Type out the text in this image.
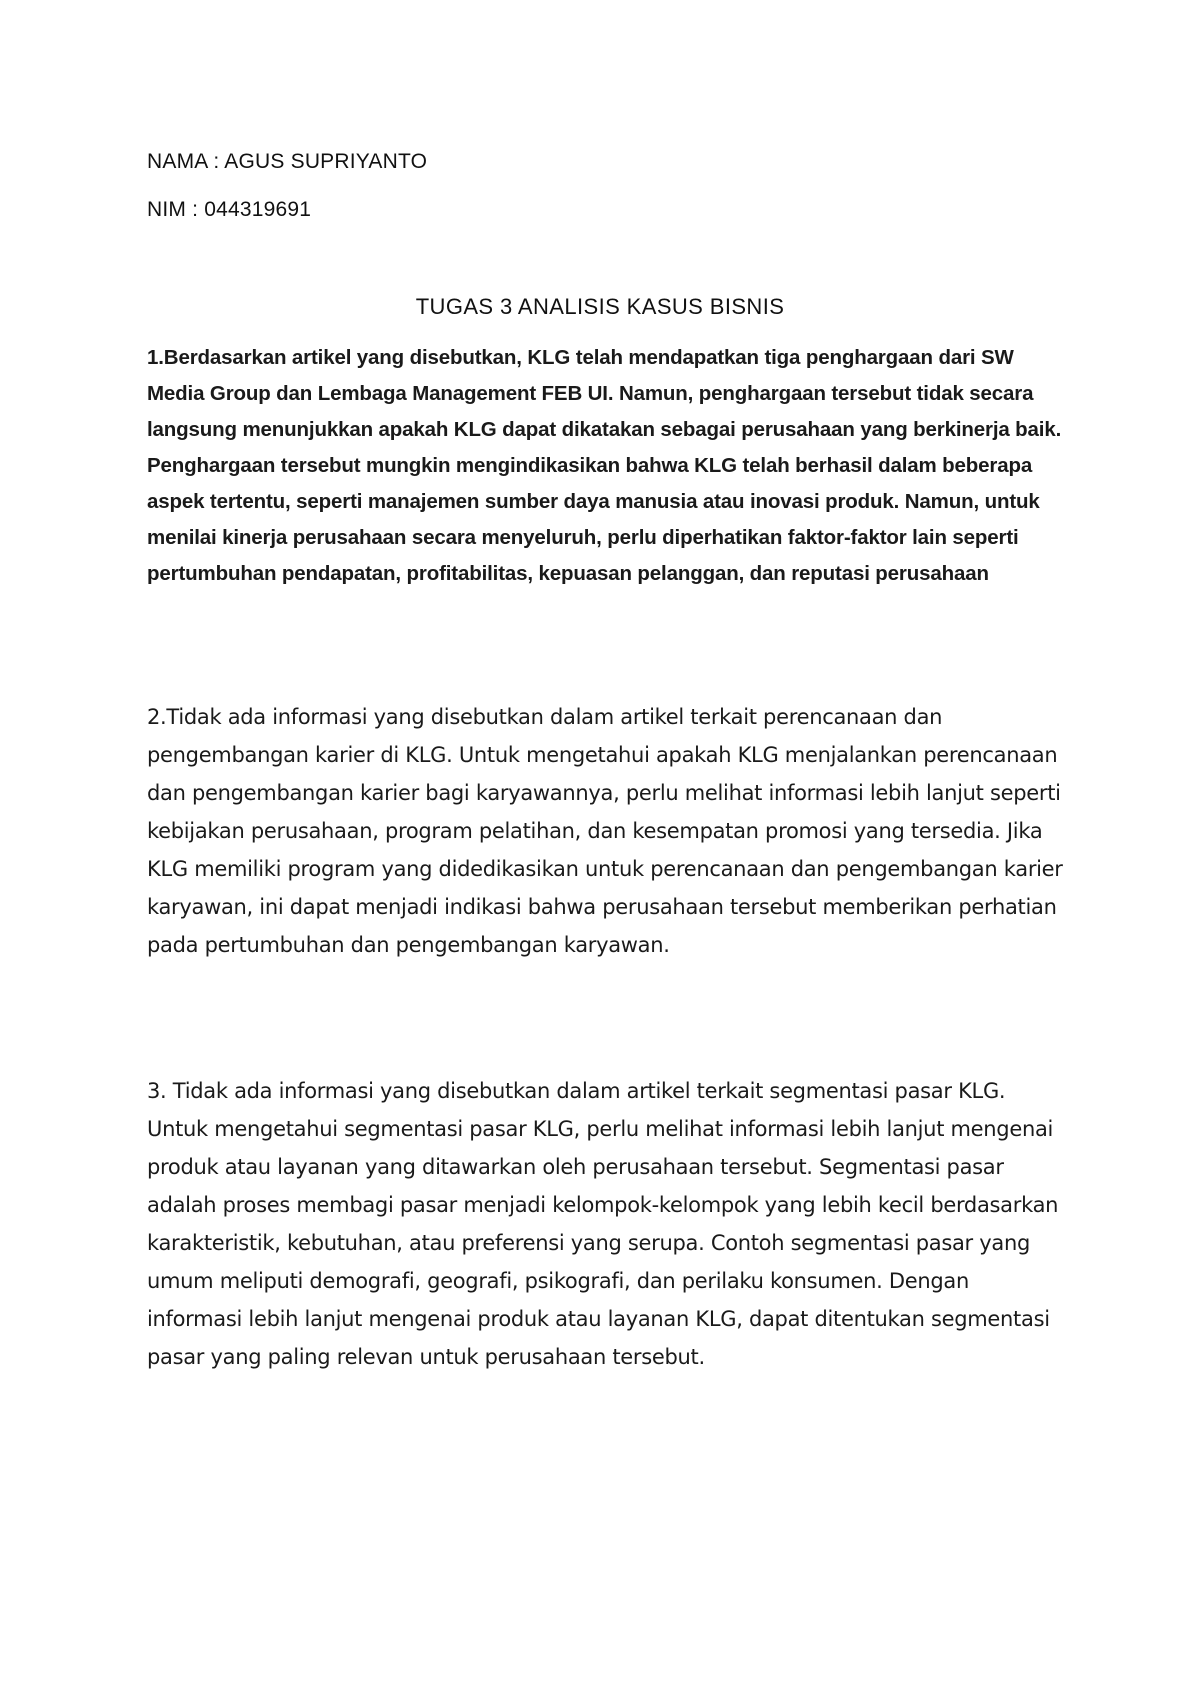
NAMA : AGUS SUPRIYANTO
NIM : 044319691
TUGAS 3 ANALISIS KASUS BISNIS

1.Berdasarkan artikel yang disebutkan, KLG telah mendapatkan tiga penghargaan dari SW Media Group dan Lembaga Management FEB UI. Namun, penghargaan tersebut tidak secara langsung menunjukkan apakah KLG dapat dikatakan sebagai perusahaan yang berkinerja baik. Penghargaan tersebut mungkin mengindikasikan bahwa KLG telah berhasil dalam beberapa aspek tertentu, seperti manajemen sumber daya manusia atau inovasi produk. Namun, untuk menilai kinerja perusahaan secara menyeluruh, perlu diperhatikan faktor-faktor lain seperti pertumbuhan pendapatan, profitabilitas, kepuasan pelanggan, dan reputasi perusahaan

2.Tidak ada informasi yang disebutkan dalam artikel terkait perencanaan dan pengembangan karier di KLG. Untuk mengetahui apakah KLG menjalankan perencanaan dan pengembangan karier bagi karyawannya, perlu melihat informasi lebih lanjut seperti kebijakan perusahaan, program pelatihan, dan kesempatan promosi yang tersedia. Jika KLG memiliki program yang didedikasikan untuk perencanaan dan pengembangan karier karyawan, ini dapat menjadi indikasi bahwa perusahaan tersebut memberikan perhatian pada pertumbuhan dan pengembangan karyawan.

3. Tidak ada informasi yang disebutkan dalam artikel terkait segmentasi pasar KLG. Untuk mengetahui segmentasi pasar KLG, perlu melihat informasi lebih lanjut mengenai produk atau layanan yang ditawarkan oleh perusahaan tersebut. Segmentasi pasar adalah proses membagi pasar menjadi kelompok-kelompok yang lebih kecil berdasarkan karakteristik, kebutuhan, atau preferensi yang serupa. Contoh segmentasi pasar yang umum meliputi demografi, geografi, psikografi, dan perilaku konsumen. Dengan informasi lebih lanjut mengenai produk atau layanan KLG, dapat ditentukan segmentasi pasar yang paling relevan untuk perusahaan tersebut.
